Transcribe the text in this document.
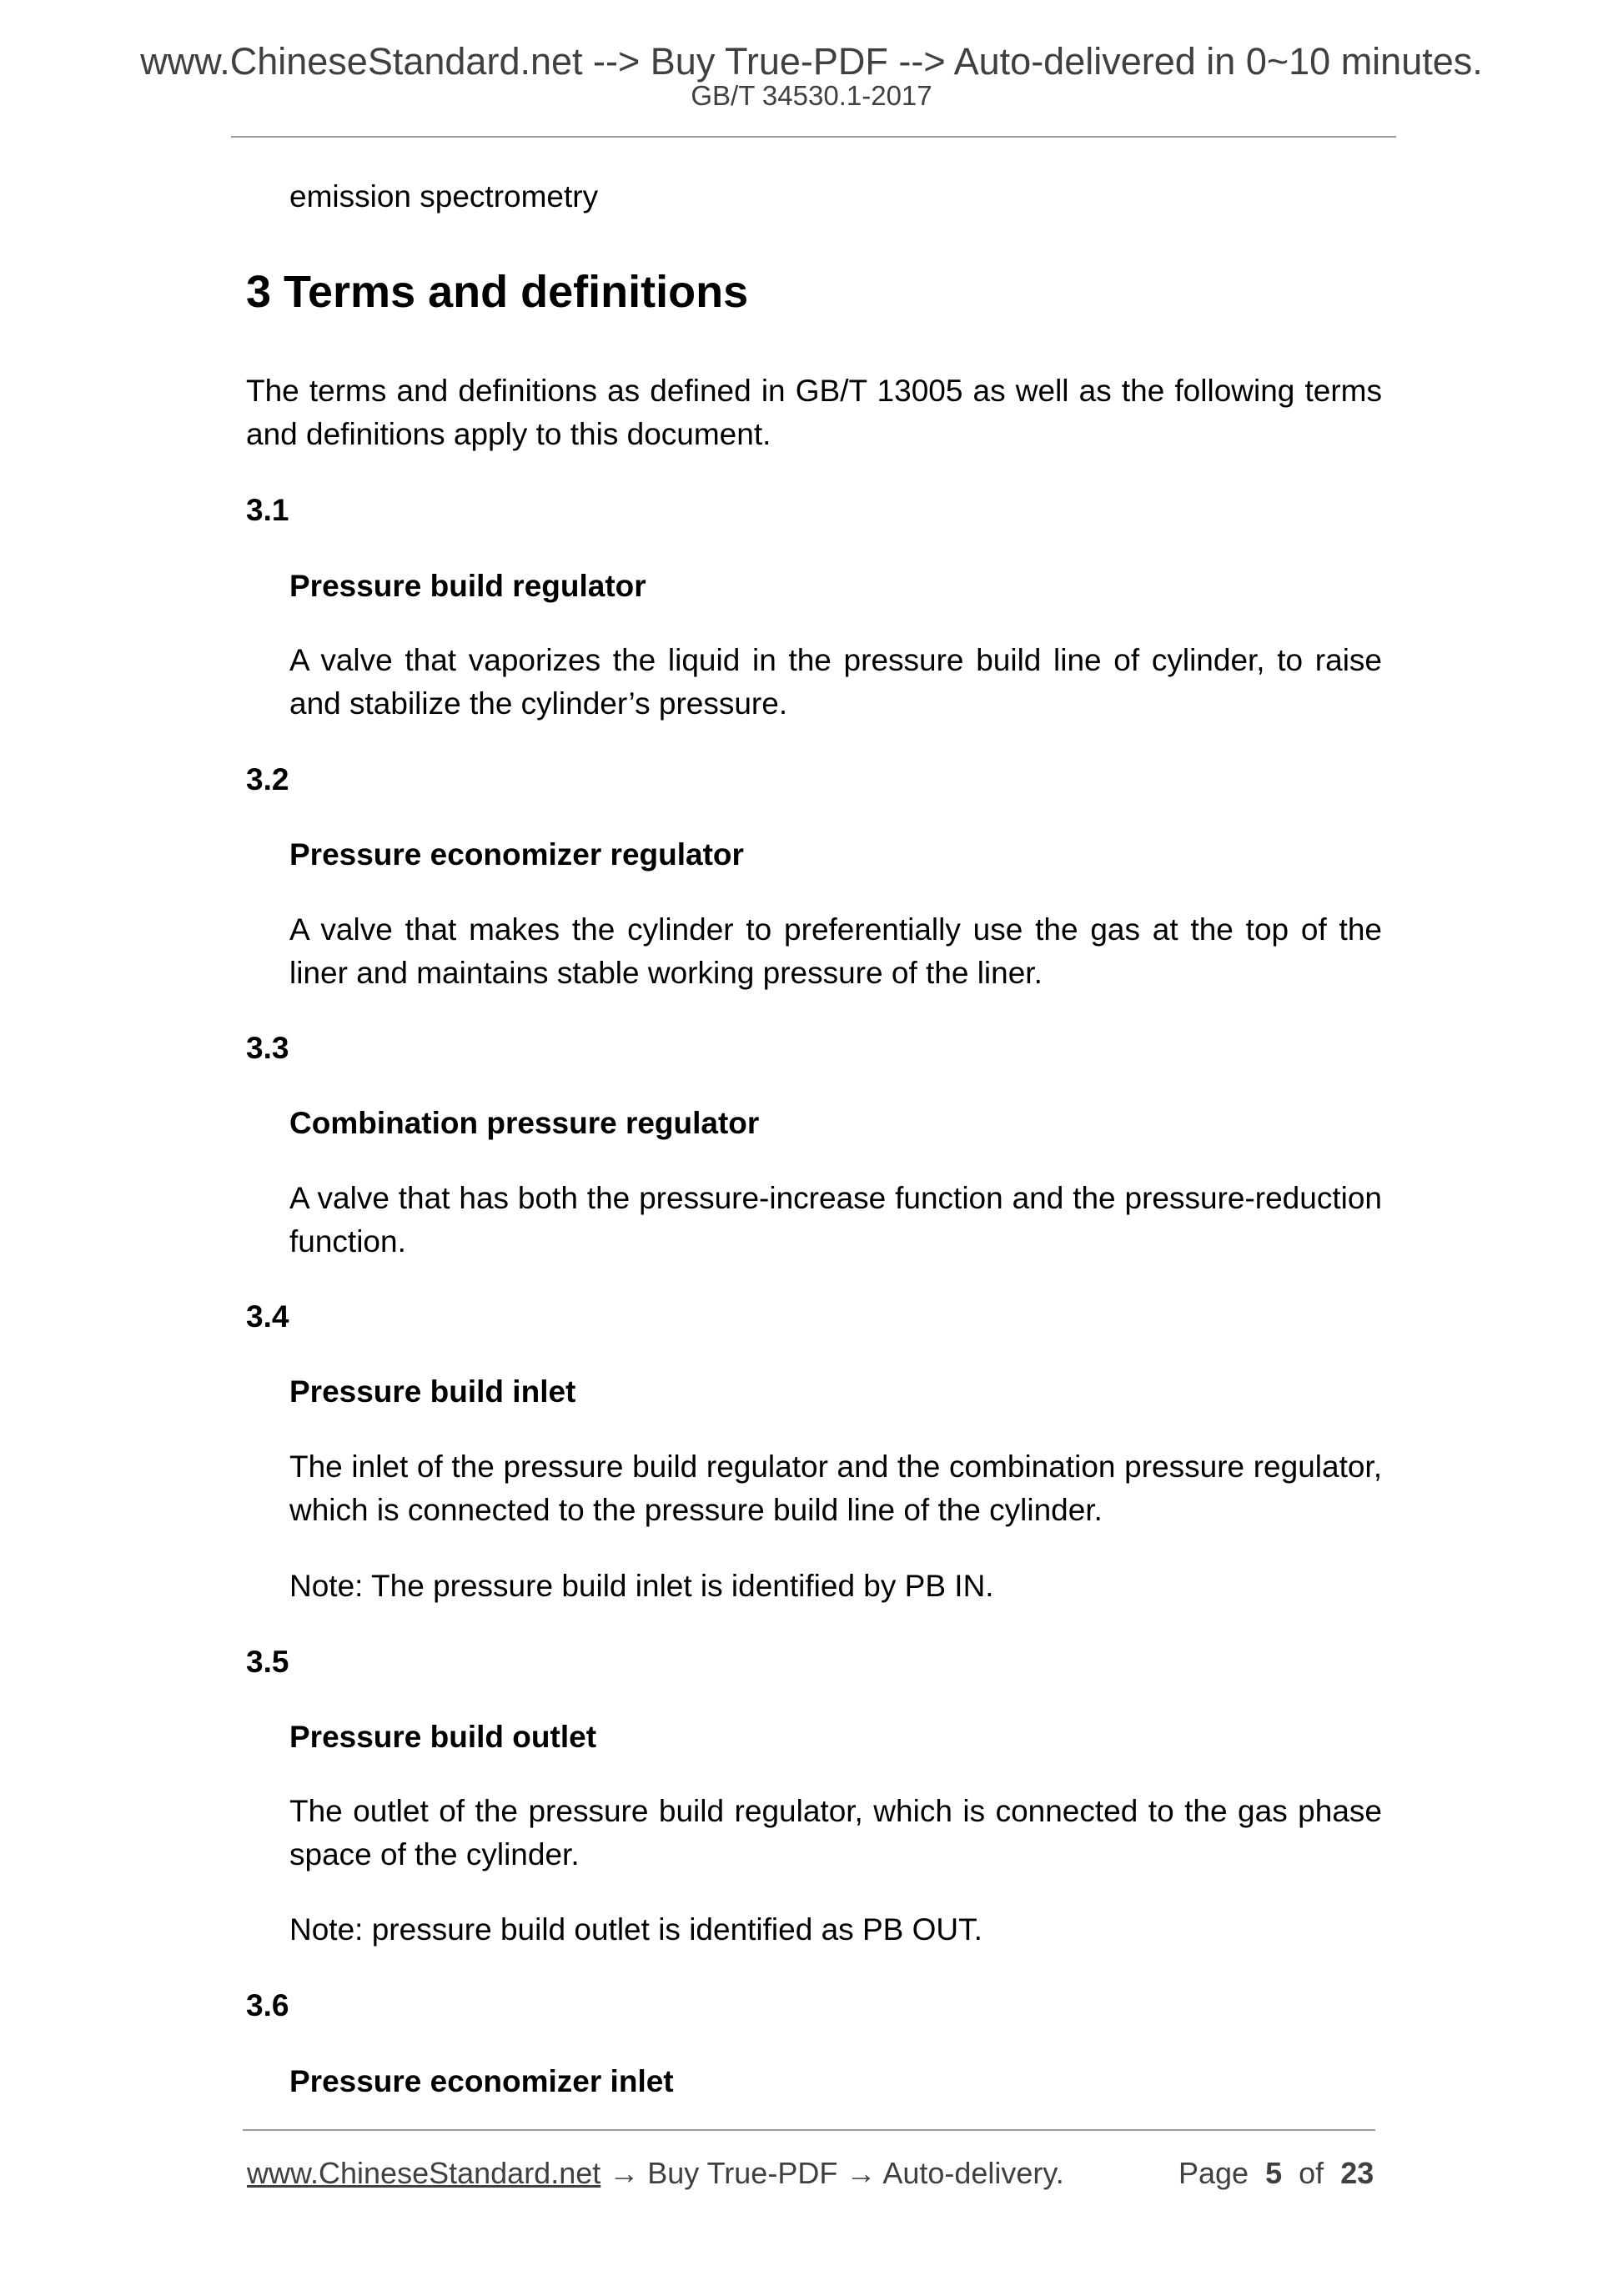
www.ChineseStandard.net --> Buy True-PDF --> Auto-delivered in 0~10 minutes.
GB/T 34530.1-2017
emission spectrometry
3 Terms and definitions
The terms and definitions as defined in GB/T 13005 as well as the following terms and definitions apply to this document.
3.1
Pressure build regulator
A valve that vaporizes the liquid in the pressure build line of cylinder, to raise and stabilize the cylinder’s pressure.
3.2
Pressure economizer regulator
A valve that makes the cylinder to preferentially use the gas at the top of the liner and maintains stable working pressure of the liner.
3.3
Combination pressure regulator
A valve that has both the pressure-increase function and the pressure-reduction function.
3.4
Pressure build inlet
The inlet of the pressure build regulator and the combination pressure regulator, which is connected to the pressure build line of the cylinder.
Note: The pressure build inlet is identified by PB IN.
3.5
Pressure build outlet
The outlet of the pressure build regulator, which is connected to the gas phase space of the cylinder.
Note: pressure build outlet is identified as PB OUT.
3.6
Pressure economizer inlet
www.ChineseStandard.net → Buy True-PDF → Auto-delivery.	Page 5 of 23
